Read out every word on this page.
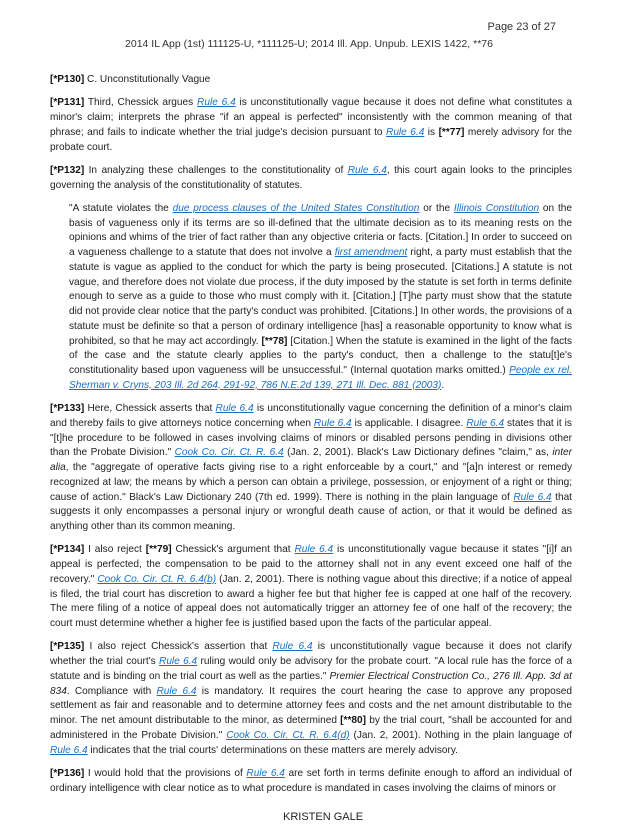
Page 23 of 27
2014 IL App (1st) 111125-U, *111125-U; 2014 Ill. App. Unpub. LEXIS 1422, **76

[*P130] C. Unconstitutionally Vague

[*P131] Third, Chessick argues Rule 6.4 is unconstitutionally vague because it does not define what constitutes a minor's claim; interprets the phrase "if an appeal is perfected" inconsistently with the common meaning of that phrase; and fails to indicate whether the trial judge's decision pursuant to Rule 6.4 is [**77] merely advisory for the probate court.

[*P132] In analyzing these challenges to the constitutionality of Rule 6.4, this court again looks to the principles governing the analysis of the constitutionality of statutes.

"A statute violates the due process clauses of the United States Constitution or the Illinois Constitution on the basis of vagueness only if its terms are so ill-defined that the ultimate decision as to its meaning rests on the opinions and whims of the trier of fact rather than any objective criteria or facts. [Citation.] In order to succeed on a vagueness challenge to a statute that does not involve a first amendment right, a party must establish that the statute is vague as applied to the conduct for which the party is being prosecuted. [Citations.] A statute is not vague, and therefore does not violate due process, if the duty imposed by the statute is set forth in terms definite enough to serve as a guide to those who must comply with it. [Citation.] [T]he party must show that the statute did not provide clear notice that the party's conduct was prohibited. [Citations.] In other words, the provisions of a statute must be definite so that a person of ordinary intelligence [has] a reasonable opportunity to know what is prohibited, so that he may act accordingly. [**78] [Citation.] When the statute is examined in the light of the facts of the case and the statute clearly applies to the party's conduct, then a challenge to the statu[t]e's constitutionality based upon vagueness will be unsuccessful." (Internal quotation marks omitted.) People ex rel. Sherman v. Cryns, 203 Ill. 2d 264, 291-92, 786 N.E.2d 139, 271 Ill. Dec. 881 (2003).

[*P133] Here, Chessick asserts that Rule 6.4 is unconstitutionally vague concerning the definition of a minor's claim and thereby fails to give attorneys notice concerning when Rule 6.4 is applicable. I disagree. Rule 6.4 states that it is "[t]he procedure to be followed in cases involving claims of minors or disabled persons pending in divisions other than the Probate Division." Cook Co. Cir. Ct. R. 6.4 (Jan. 2, 2001). Black's Law Dictionary defines "claim," as, inter alia, the "aggregate of operative facts giving rise to a right enforceable by a court," and "[a]n interest or remedy recognized at law; the means by which a person can obtain a privilege, possession, or enjoyment of a right or thing; cause of action." Black's Law Dictionary 240 (7th ed. 1999). There is nothing in the plain language of Rule 6.4 that suggests it only encompasses a personal injury or wrongful death cause of action, or that it would be defined as anything other than its common meaning.

[*P134] I also reject [**79] Chessick's argument that Rule 6.4 is unconstitutionally vague because it states "[i]f an appeal is perfected, the compensation to be paid to the attorney shall not in any event exceed one half of the recovery." Cook Co. Cir. Ct. R. 6.4(b) (Jan. 2, 2001). There is nothing vague about this directive; if a notice of appeal is filed, the trial court has discretion to award a higher fee but that higher fee is capped at one half of the recovery. The mere filing of a notice of appeal does not automatically trigger an attorney fee of one half of the recovery; the court must determine whether a higher fee is justified based upon the facts of the particular appeal.

[*P135] I also reject Chessick's assertion that Rule 6.4 is unconstitutionally vague because it does not clarify whether the trial court's Rule 6.4 ruling would only be advisory for the probate court. "A local rule has the force of a statute and is binding on the trial court as well as the parties." Premier Electrical Construction Co., 276 Ill. App. 3d at 834. Compliance with Rule 6.4 is mandatory. It requires the court hearing the case to approve any proposed settlement as fair and reasonable and to determine attorney fees and costs and the net amount distributable to the minor. The net amount distributable to the minor, as determined [**80] by the trial court, "shall be accounted for and administered in the Probate Division." Cook Co. Cir. Ct. R. 6.4(d) (Jan. 2, 2001). Nothing in the plain language of Rule 6.4 indicates that the trial courts' determinations on these matters are merely advisory.

[*P136] I would hold that the provisions of Rule 6.4 are set forth in terms definite enough to afford an individual of ordinary intelligence with clear notice as to what procedure is mandated in cases involving the claims of minors or

KRISTEN GALE
